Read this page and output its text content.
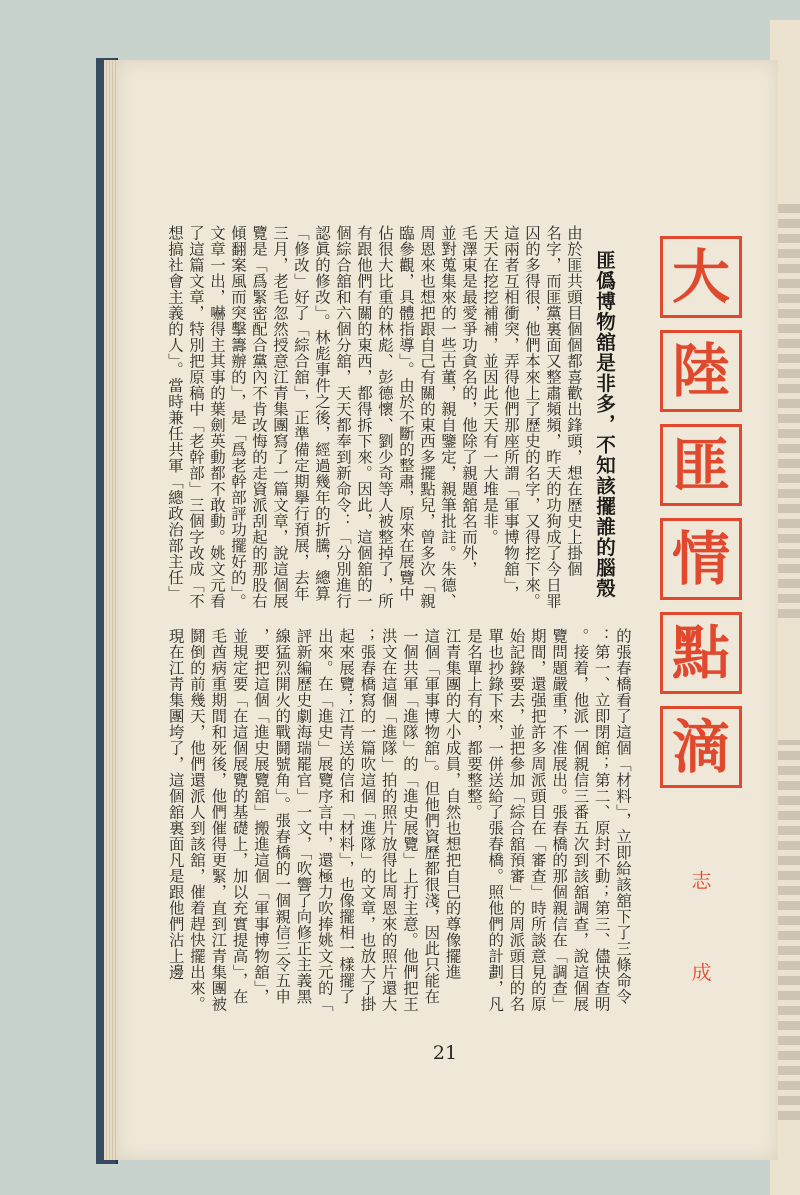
大
陸
匪
情
點
滴
志 成
匪僞博物舘是非多，不知該擺誰的腦殼
由於匪共頭目個個都喜歡出鋒頭，想在歷史上掛個
名字，而匪黨裏面又整肅頻頻，昨天的功狗成了今日罪
囚的多得很，他們本來上了歷史的名字，又得挖下來。
這兩者互相衝突，弄得他們那座所謂「軍事博物舘」，
天天在挖挖補補，並因此天天有一大堆是非。
毛澤東是最愛爭功貪名的，他除了親題舘名而外，
並對蒐集來的一些古董，親自鑒定，親筆批註。朱德、
周恩來也想把跟自己有關的東西多擺點兒，曾多次「親
臨參觀，具體指導」。由於不斷的整肅，原來在展覽中
佔很大比重的林彪、彭德懷、劉少奇等人被整掉了，所
有跟他們有關的東西，都得拆下來。因此，這個舘的一
個綜合舘和六個分舘，天天都奉到新命令：「分別進行
認眞的修改」。林彪事件之後，經過幾年的折騰，總算
「修改」好了「綜合舘」，正準備定期擧行預展，去年
三月，老毛忽然授意江青集團寫了一篇文章，說這個展
覽是「爲緊密配合黨內不肯改悔的走資派刮起的那股右
傾翻案風而突擊籌辦的」，是「爲老幹部評功擺好的」。
文章一出，嚇得主其事的葉劍英動都不敢動。姚文元看
了這篇文章，特別把原稿中「老幹部」三個字改成「不
想搞社會主義的人」。當時兼任共軍「總政治部主任」
的張春橋看了這個「材料」，立即給該舘下了三條命令
：第一、立即閉館；第二、原封不動；第三、儘快查明
。接着，他派一個親信三番五次到該舘調查，說這個展
覽問題嚴重，不准展出。張春橋的那個親信在「調查」
期間，還强把許多周派頭目在「審查」時所談意見的原
始記錄要去，並把參加「綜合舘預審」的周派頭目的名
單也抄錄下來，一併送給了張春橋。照他們的計劃，凡
是名單上有的，都要整整。
江青集團的大小成員，自然也想把自己的尊像擺進
這個「軍事博物舘」。但他們資歷都很淺，因此只能在
一個共軍「進隊」的「進史展覽」上打主意。他們把王
洪文在這個「進隊」拍的照片放得比周恩來的照片還大
；張春橋寫的一篇吹這個「進隊」的文章，也放大了掛
起來展覽；江青送的信和「材料」，也像擺相一樣擺了
出來。在「進史」展覽序言中，還極力吹捧姚文元的「
評新編歷史劇海瑞罷官」一文，「吹響了向修正主義黑
線猛烈開火的戰鬪號角」。張春橋的一個親信三令五申
，要把這個「進史展覽舘」搬進這個「軍事博物舘」，
並規定要「在這個展覽的基礎上，加以充實提高」，在
毛酋病重期間和死後，他們催得更緊，直到江青集團被
鬪倒的前幾天，他們還派人到該舘，催着趕快擺出來。
現在江靑集團垮了，這個舘裏面凡是跟他們沾上邊
21
